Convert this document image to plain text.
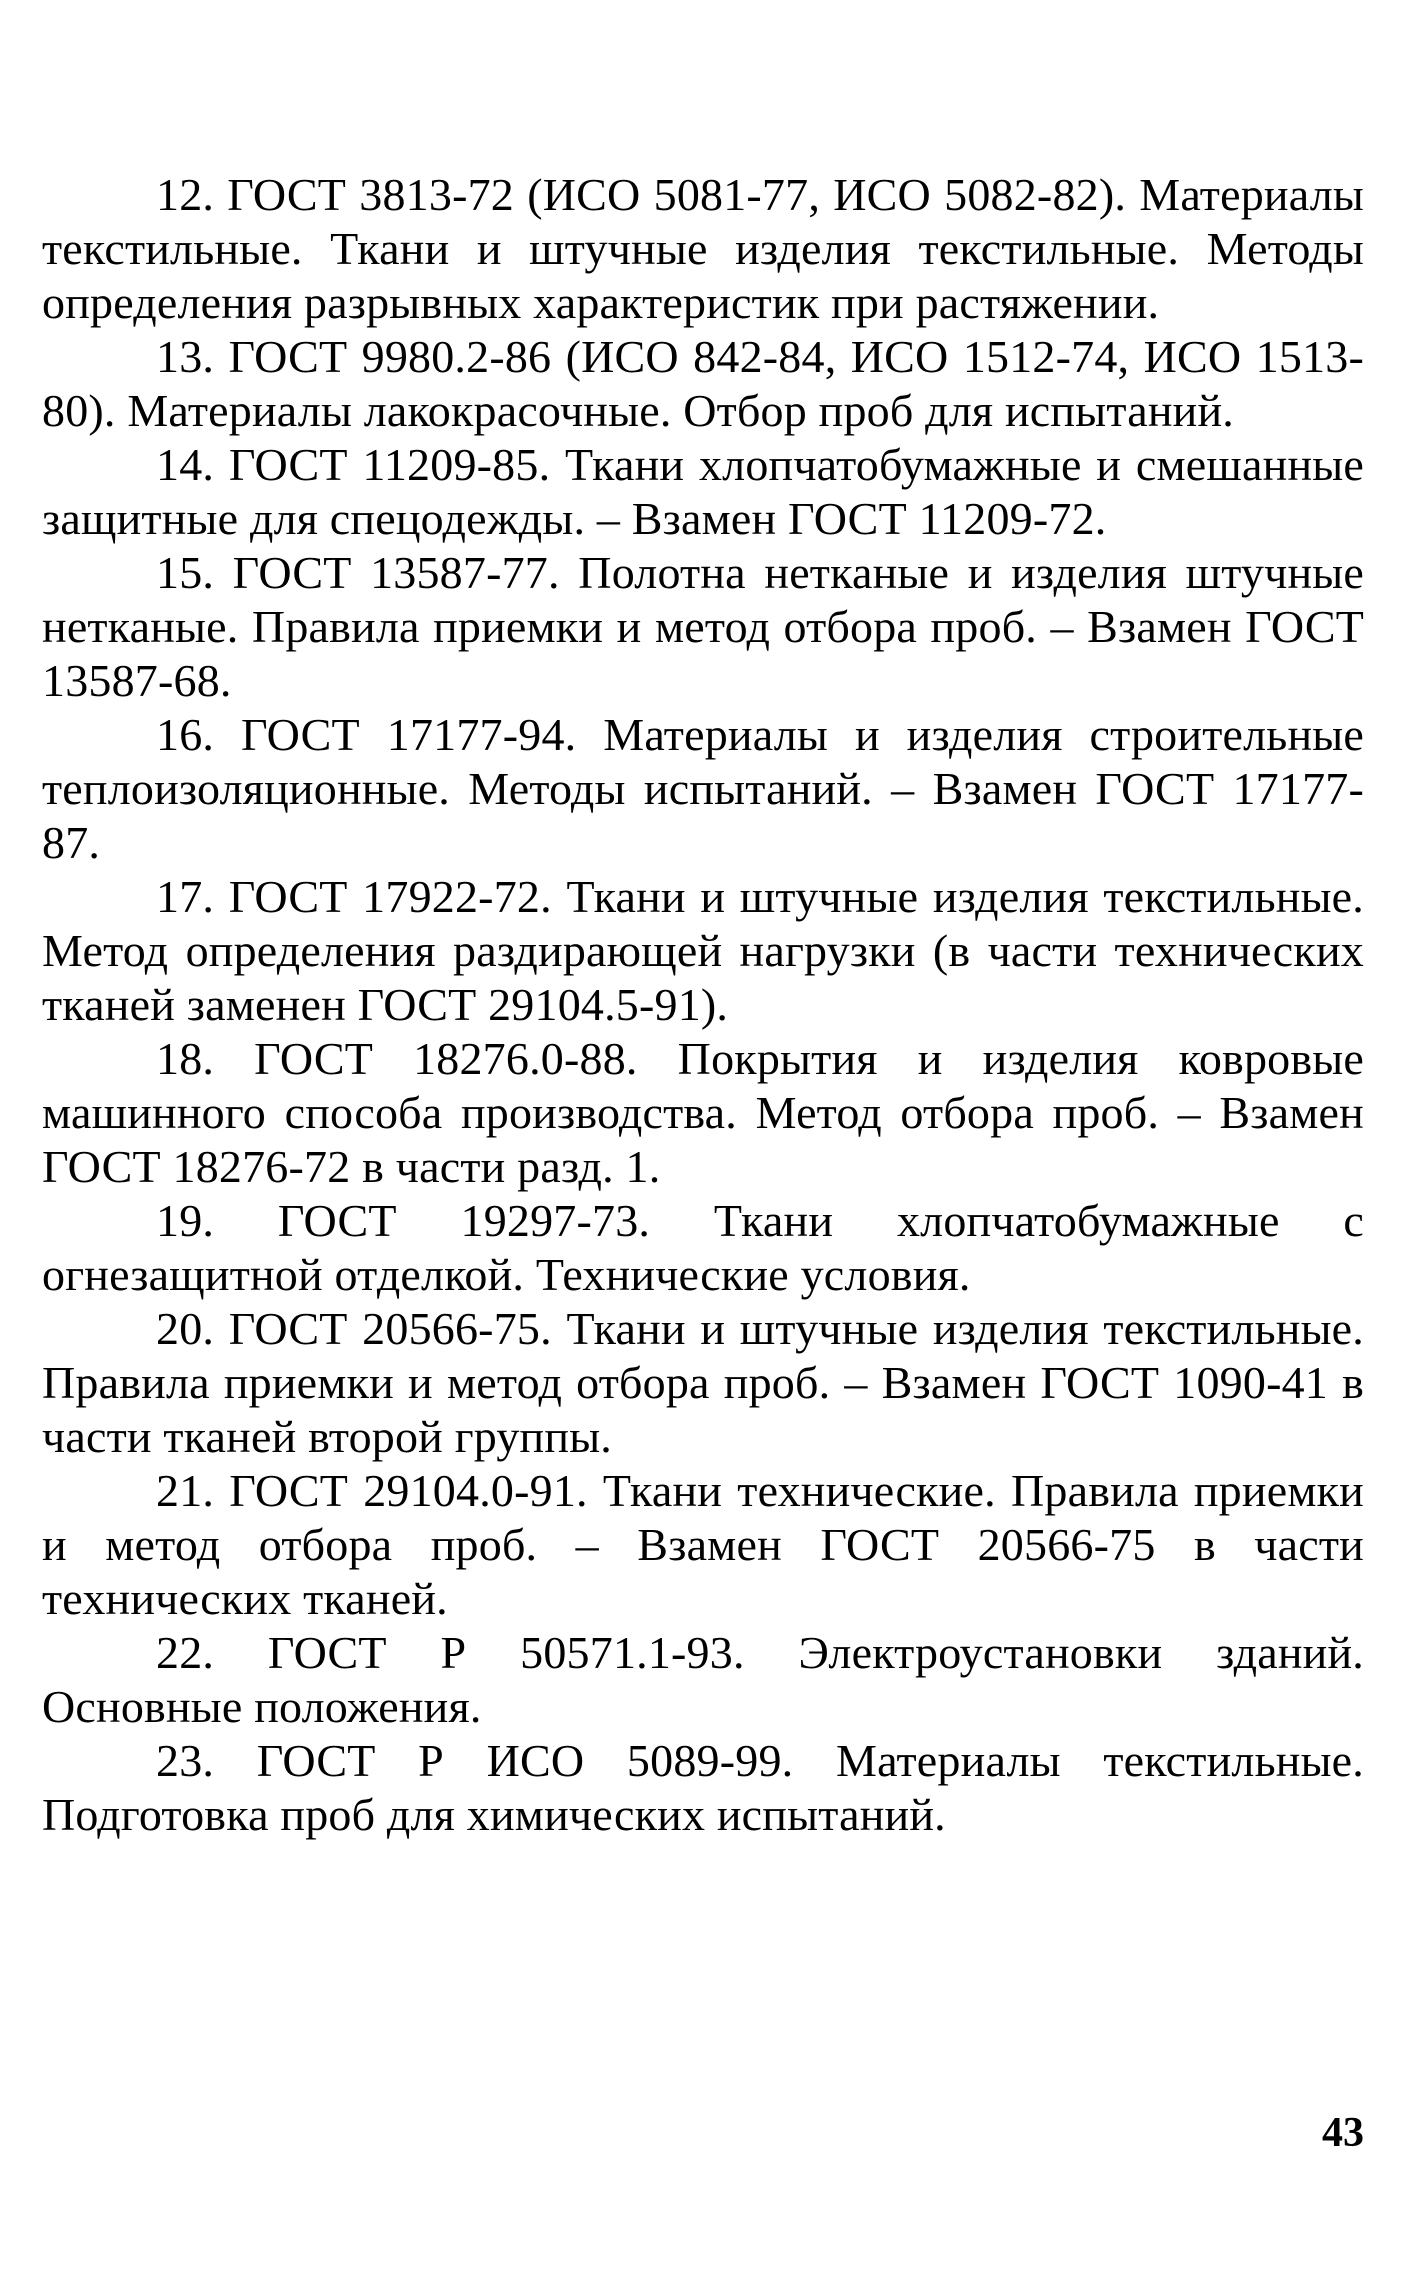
12. ГОСТ 3813-72 (ИСО 5081-77, ИСО 5082-82). Материалы текстильные. Ткани и штучные изделия текстильные. Методы определения разрывных характеристик при растяжении.

13. ГОСТ 9980.2-86 (ИСО 842-84, ИСО 1512-74, ИСО 1513-80). Материалы лакокрасочные. Отбор проб для испытаний.

14. ГОСТ 11209-85. Ткани хлопчатобумажные и смешанные защитные для спецодежды. – Взамен ГОСТ 11209-72.

15. ГОСТ 13587-77. Полотна нетканые и изделия штучные нетканые. Правила приемки и метод отбора проб. – Взамен ГОСТ 13587-68.

16. ГОСТ 17177-94. Материалы и изделия строительные теплоизоляционные. Методы испытаний. – Взамен ГОСТ 17177-87.

17. ГОСТ 17922-72. Ткани и штучные изделия текстильные. Метод определения раздирающей нагрузки (в части технических тканей заменен ГОСТ 29104.5-91).

18. ГОСТ 18276.0-88. Покрытия и изделия ковровые машинного способа производства. Метод отбора проб. – Взамен ГОСТ 18276-72 в части разд. 1.

19. ГОСТ 19297-73. Ткани хлопчатобумажные с огнезащитной отделкой. Технические условия.

20. ГОСТ 20566-75. Ткани и штучные изделия текстильные. Правила приемки и метод отбора проб. – Взамен ГОСТ 1090-41 в части тканей второй группы.

21. ГОСТ 29104.0-91. Ткани технические. Правила приемки и метод отбора проб. – Взамен ГОСТ 20566-75 в части технических тканей.

22. ГОСТ Р 50571.1-93. Электроустановки зданий. Основные положения.

23. ГОСТ Р ИСО 5089-99. Материалы текстильные. Подготовка проб для химических испытаний.

43
